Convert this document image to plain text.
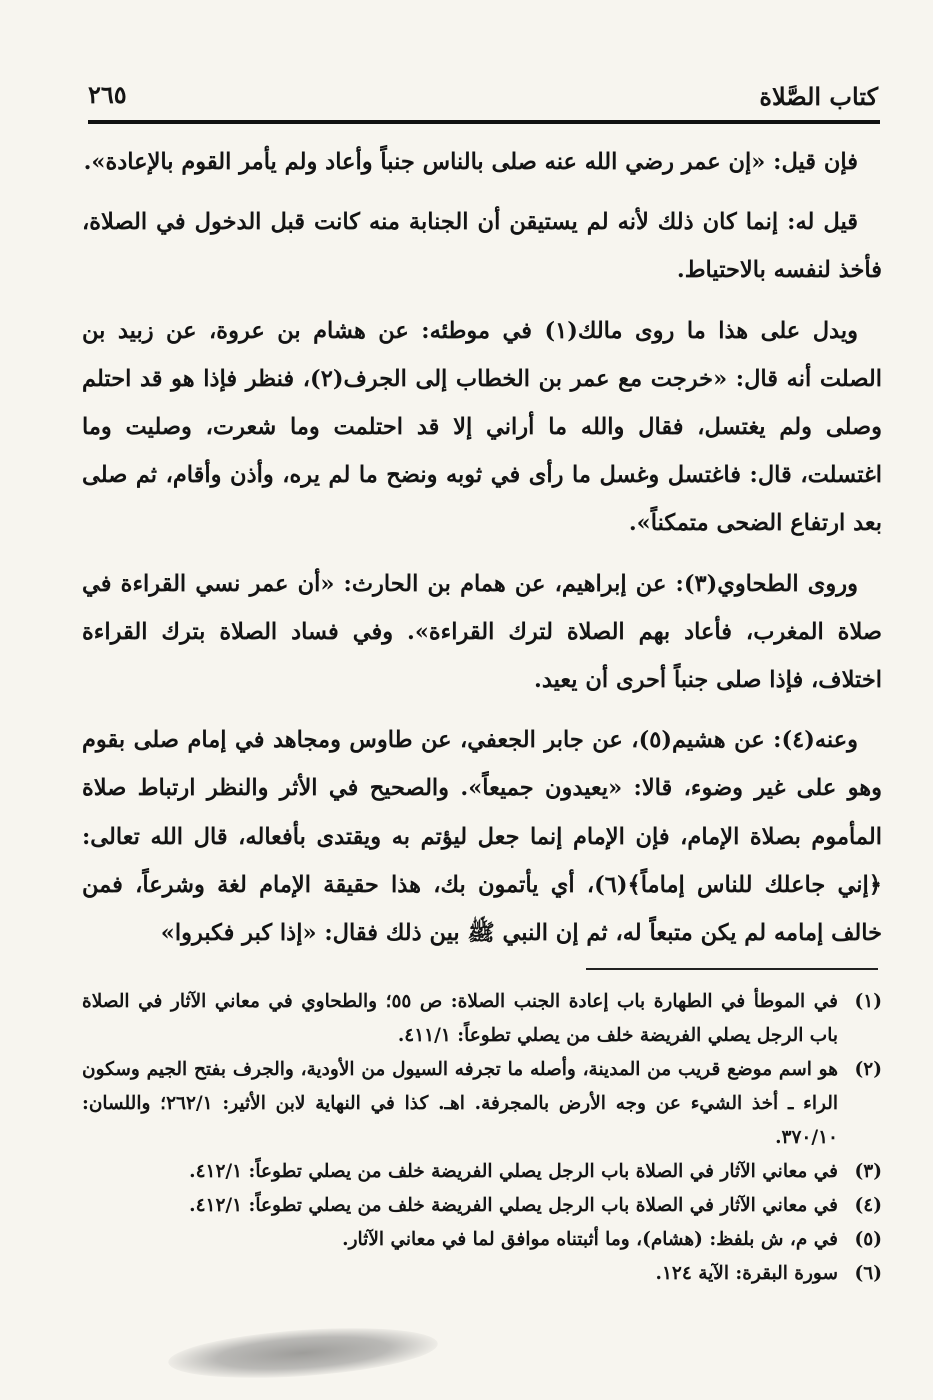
كتاب الصَّلاة
٢٦٥

فإن قيل: «إن عمر رضي الله عنه صلى بالناس جنباً وأعاد ولم يأمر القوم بالإعادة».

قيل له: إنما كان ذلك لأنه لم يستيقن أن الجنابة منه كانت قبل الدخول في الصلاة، فأخذ لنفسه بالاحتياط.

ويدل على هذا ما روى مالك(١) في موطئه: عن هشام بن عروة، عن زبيد بن الصلت أنه قال: «خرجت مع عمر بن الخطاب إلى الجرف(٢)، فنظر فإذا هو قد احتلم وصلى ولم يغتسل، فقال والله ما أراني إلا قد احتلمت وما شعرت، وصليت وما اغتسلت، قال: فاغتسل وغسل ما رأى في ثوبه ونضح ما لم يره، وأذن وأقام، ثم صلى بعد ارتفاع الضحى متمكناً».

وروى الطحاوي(٣): عن إبراهيم، عن همام بن الحارث: «أن عمر نسي القراءة في صلاة المغرب، فأعاد بهم الصلاة لترك القراءة». وفي فساد الصلاة بترك القراءة اختلاف، فإذا صلى جنباً أحرى أن يعيد.

وعنه(٤): عن هشيم(٥)، عن جابر الجعفي، عن طاوس ومجاهد في إمام صلى بقوم وهو على غير وضوء، قالا: «يعيدون جميعاً». والصحيح في الأثر والنظر ارتباط صلاة المأموم بصلاة الإمام، فإن الإمام إنما جعل ليؤتم به ويقتدى بأفعاله، قال الله تعالى: ﴿إني جاعلك للناس إماماً﴾(٦)، أي يأتمون بك، هذا حقيقة الإمام لغة وشرعاً، فمن خالف إمامه لم يكن متبعاً له، ثم إن النبي ﷺ بين ذلك فقال: «إذا كبر فكبروا»

(١)
في الموطأ في الطهارة باب إعادة الجنب الصلاة: ص ٥٥؛ والطحاوي في معاني الآثار في الصلاة باب الرجل يصلي الفريضة خلف من يصلي تطوعاً: ٤١١/١.
(٢)
هو اسم موضع قريب من المدينة، وأصله ما تجرفه السيول من الأودية، والجرف بفتح الجيم وسكون الراء ـ أخذ الشيء عن وجه الأرض بالمجرفة. اهـ. كذا في النهاية لابن الأثير: ٢٦٢/١؛ واللسان: ٣٧٠/١٠.
(٣)
في معاني الآثار في الصلاة باب الرجل يصلي الفريضة خلف من يصلي تطوعاً: ٤١٢/١.
(٤)
في معاني الآثار في الصلاة باب الرجل يصلي الفريضة خلف من يصلي تطوعاً: ٤١٢/١.
(٥)
في م، ش بلفظ: (هشام)، وما أثبتناه موافق لما في معاني الآثار.
(٦)
سورة البقرة: الآية ١٢٤.
